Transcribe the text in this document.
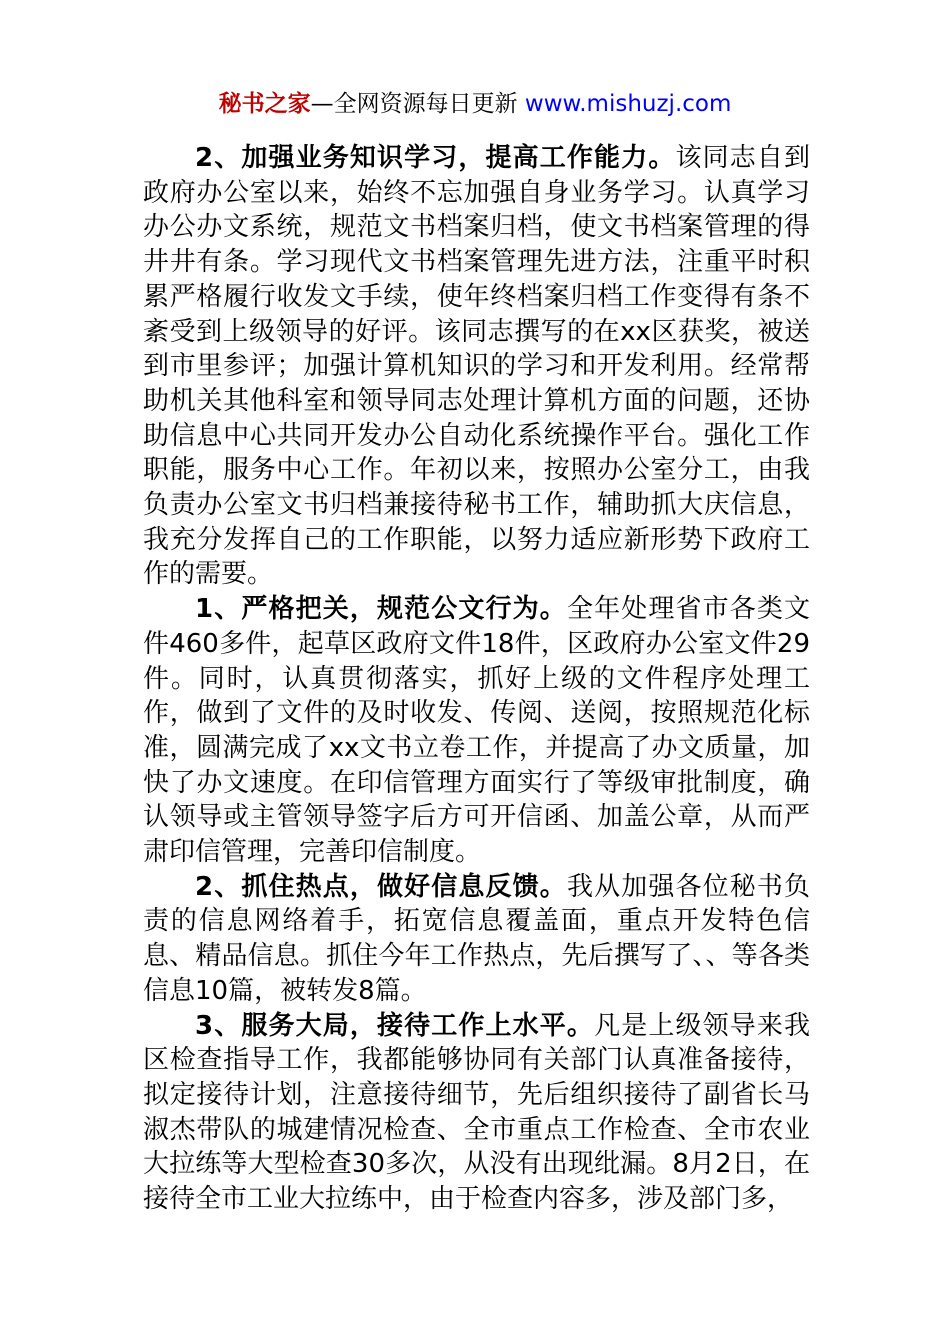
秘书之家—全网资源每日更新 www.mishuzj.com

2、加强业务知识学习，提高工作能力。该同志自到政府办公室以来，始终不忘加强自身业务学习。认真学习办公办文系统，规范文书档案归档，使文书档案管理的得井井有条。学习现代文书档案管理先进方法，注重平时积累严格履行收发文手续，使年终档案归档工作变得有条不紊受到上级领导的好评。该同志撰写的在xx区获奖，被送到市里参评；加强计算机知识的学习和开发利用。经常帮助机关其他科室和领导同志处理计算机方面的问题，还协助信息中心共同开发办公自动化系统操作平台。强化工作职能，服务中心工作。年初以来，按照办公室分工，由我负责办公室文书归档兼接待秘书工作，辅助抓大庆信息，我充分发挥自己的工作职能，以努力适应新形势下政府工作的需要。

1、严格把关，规范公文行为。全年处理省市各类文件460多件，起草区政府文件18件，区政府办公室文件29件。同时，认真贯彻落实，抓好上级的文件程序处理工作，做到了文件的及时收发、传阅、送阅，按照规范化标准，圆满完成了xx文书立卷工作，并提高了办文质量，加快了办文速度。在印信管理方面实行了等级审批制度，确认领导或主管领导签字后方可开信函、加盖公章，从而严肃印信管理，完善印信制度。

2、抓住热点，做好信息反馈。我从加强各位秘书负责的信息网络着手，拓宽信息覆盖面，重点开发特色信息、精品信息。抓住今年工作热点，先后撰写了、、等各类信息10篇，被转发8篇。

3、服务大局，接待工作上水平。凡是上级领导来我区检查指导工作，我都能够协同有关部门认真准备接待，拟定接待计划，注意接待细节，先后组织接待了副省长马淑杰带队的城建情况检查、全市重点工作检查、全市农业大拉练等大型检查30多次，从没有出现纰漏。8月2日，在接待全市工业大拉练中，由于检查内容多，涉及部门多，
